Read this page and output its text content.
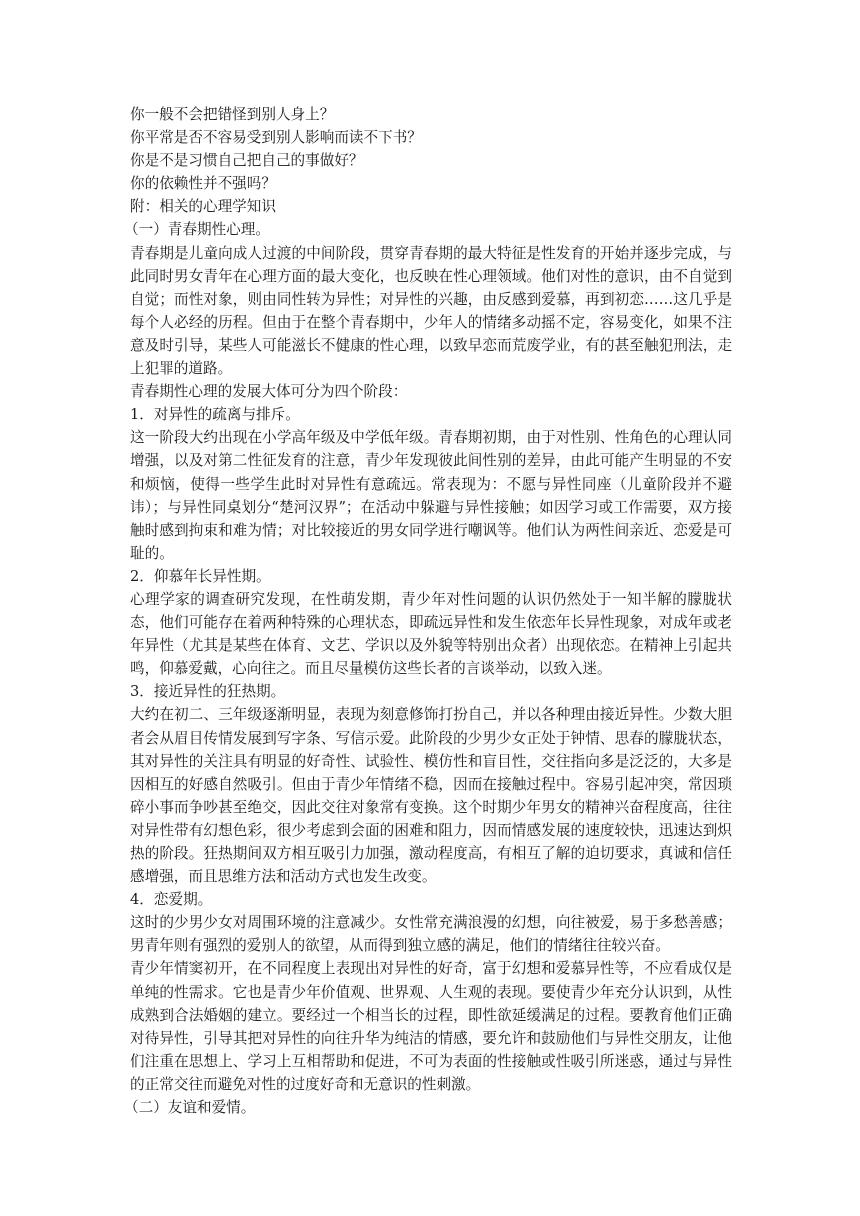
你一般不会把错怪到别人身上？

你平常是否不容易受到别人影响而读不下书？

你是不是习惯自己把自己的事做好？

你的依赖性并不强吗？

附：相关的心理学知识

（一）青春期性心理。

青春期是儿童向成人过渡的中间阶段，贯穿青春期的最大特征是性发育的开始并逐步完成，与此同时男女青年在心理方面的最大变化，也反映在性心理领域。他们对性的意识，由不自觉到自觉；而性对象，则由同性转为异性；对异性的兴趣，由反感到爱慕，再到初恋……这几乎是每个人必经的历程。但由于在整个青春期中，少年人的情绪多动摇不定，容易变化，如果不注意及时引导，某些人可能滋长不健康的性心理，以致早恋而荒废学业，有的甚至触犯刑法，走上犯罪的道路。

青春期性心理的发展大体可分为四个阶段：

1．对异性的疏离与排斥。

这一阶段大约出现在小学高年级及中学低年级。青春期初期，由于对性别、性角色的心理认同增强，以及对第二性征发育的注意，青少年发现彼此间性别的差异，由此可能产生明显的不安和烦恼，使得一些学生此时对异性有意疏远。常表现为：不愿与异性同座（儿童阶段并不避讳）；与异性同桌划分“楚河汉界”；在活动中躲避与异性接触；如因学习或工作需要，双方接触时感到拘束和难为情；对比较接近的男女同学进行嘲讽等。他们认为两性间亲近、恋爱是可耻的。

2．仰慕年长异性期。

心理学家的调查研究发现，在性萌发期，青少年对性问题的认识仍然处于一知半解的朦胧状态，他们可能存在着两种特殊的心理状态，即疏远异性和发生依恋年长异性现象，对成年或老年异性（尤其是某些在体育、文艺、学识以及外貌等特别出众者）出现依恋。在精神上引起共鸣，仰慕爱戴，心向往之。而且尽量模仿这些长者的言谈举动，以致入迷。

3．接近异性的狂热期。

大约在初二、三年级逐渐明显，表现为刻意修饰打扮自己，并以各种理由接近异性。少数大胆者会从眉目传情发展到写字条、写信示爱。此阶段的少男少女正处于钟情、思春的朦胧状态，其对异性的关注具有明显的好奇性、试验性、模仿性和盲目性，交往指向多是泛泛的，大多是因相互的好感自然吸引。但由于青少年情绪不稳，因而在接触过程中。容易引起冲突，常因琐碎小事而争吵甚至绝交，因此交往对象常有变换。这个时期少年男女的精神兴奋程度高，往往对异性带有幻想色彩，很少考虑到会面的困难和阻力，因而情感发展的速度较快，迅速达到炽热的阶段。狂热期间双方相互吸引力加强，激动程度高，有相互了解的迫切要求，真诚和信任感增强，而且思维方法和活动方式也发生改变。

4．恋爱期。

这时的少男少女对周围环境的注意减少。女性常充满浪漫的幻想，向往被爱，易于多愁善感；男青年则有强烈的爱别人的欲望，从而得到独立感的满足，他们的情绪往往较兴奋。

青少年情窦初开，在不同程度上表现出对异性的好奇，富于幻想和爱慕异性等，不应看成仅是单纯的性需求。它也是青少年价值观、世界观、人生观的表现。要使青少年充分认识到，从性成熟到合法婚姻的建立。要经过一个相当长的过程，即性欲延缓满足的过程。要教育他们正确对待异性，引导其把对异性的向往升华为纯洁的情感，要允许和鼓励他们与异性交朋友，让他们注重在思想上、学习上互相帮助和促进，不可为表面的性接触或性吸引所迷惑，通过与异性的正常交往而避免对性的过度好奇和无意识的性刺激。

（二）友谊和爱情。
